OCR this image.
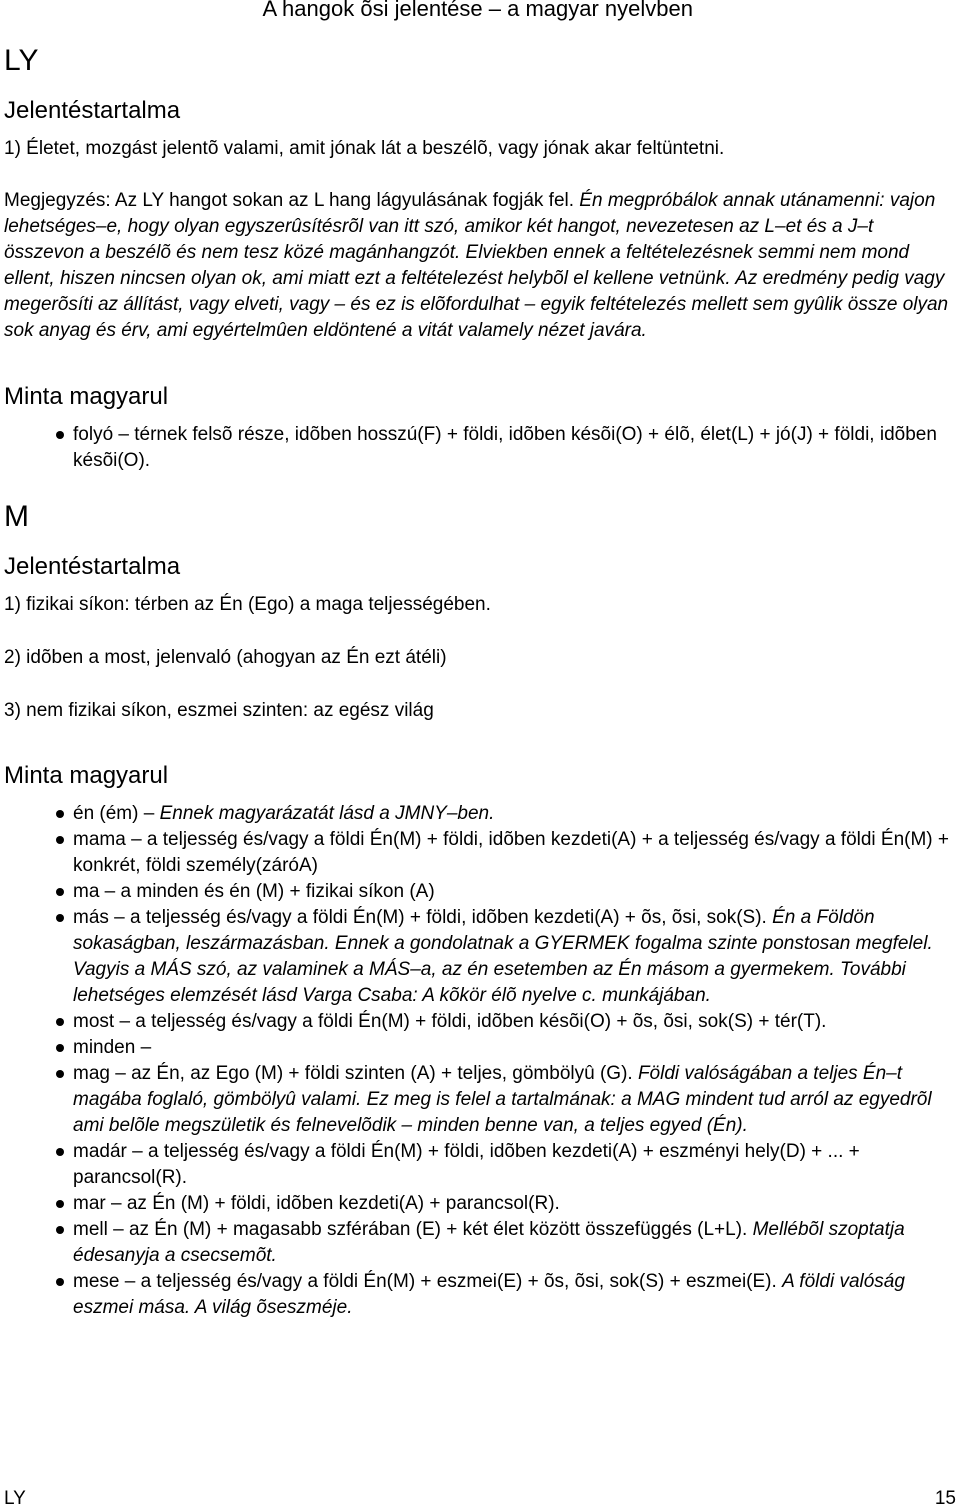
A hangok õsi jelentése – a magyar nyelvben
LY
Jelentéstartalma

1) Életet, mozgást jelentõ valami, amit jónak lát a beszélõ, vagy jónak akar feltüntetni.

Megjegyzés: Az LY hangot sokan az L hang lágyulásának fogják fel. Én megpróbálok annak utánamenni: vajon lehetséges–e, hogy olyan egyszerûsítésrõl van itt szó, amikor két hangot, nevezetesen az L–et és a J–t összevon a beszélõ és nem tesz közé magánhangzót. Elviekben ennek a feltételezésnek semmi nem mond ellent, hiszen nincsen olyan ok, ami miatt ezt a feltételezést helybõl el kellene vetnünk. Az eredmény pedig vagy megerõsíti az állítást, vagy elveti, vagy – és ez is elõfordulhat – egyik feltételezés mellett sem gyûlik össze olyan sok anyag és érv, ami egyértelmûen eldöntené a vitát valamely nézet javára.

Minta magyarul
folyó – térnek felsõ része, idõben hosszú(F) + földi, idõben késõi(O) + élõ, élet(L) + jó(J) + földi, idõben késõi(O).
M
Jelentéstartalma

1) fizikai síkon: térben az Én (Ego) a maga teljességében.

2) idõben a most, jelenvaló (ahogyan az Én ezt átéli)

3) nem fizikai síkon, eszmei szinten: az egész világ

Minta magyarul
én (ém) – Ennek magyarázatát lásd a JMNY–ben.
mama – a teljesség és/vagy a földi Én(M) + földi, idõben kezdeti(A) + a teljesség és/vagy a földi Én(M) + konkrét, földi személy(záróA)
ma – a minden és én (M) + fizikai síkon (A)
más – a teljesség és/vagy a földi Én(M) + földi, idõben kezdeti(A) + õs, õsi, sok(S). Én a Földön sokaságban, leszármazásban. Ennek a gondolatnak a GYERMEK fogalma szinte ponstosan megfelel. Vagyis a MÁS szó, az valaminek a MÁS–a, az én esetemben az Én másom a gyermekem. További lehetséges elemzését lásd Varga Csaba: A kõkör élõ nyelve c. munkájában.
most – a teljesség és/vagy a földi Én(M) + földi, idõben késõi(O) + õs, õsi, sok(S) + tér(T).
minden –
mag – az Én, az Ego (M) + földi szinten (A) + teljes, gömbölyû (G). Földi valóságában a teljes Én–t magába foglaló, gömbölyû valami. Ez meg is felel a tartalmának: a MAG mindent tud arról az egyedrõl ami belõle megszületik és felnevelõdik – minden benne van, a teljes egyed (Én).
madár – a teljesség és/vagy a földi Én(M) + földi, idõben kezdeti(A) + eszményi hely(D) + ... + parancsol(R).
mar – az Én (M) + földi, idõben kezdeti(A) + parancsol(R).
mell – az Én (M) + magasabb szférában (E) + két élet között összefüggés (L+L). Mellébõl szoptatja édesanyja a csecsemõt.
mese – a teljesség és/vagy a földi Én(M) + eszmei(E) + õs, õsi, sok(S) + eszmei(E). A földi valóság eszmei mása. A világ õseszméje.
LY	15
